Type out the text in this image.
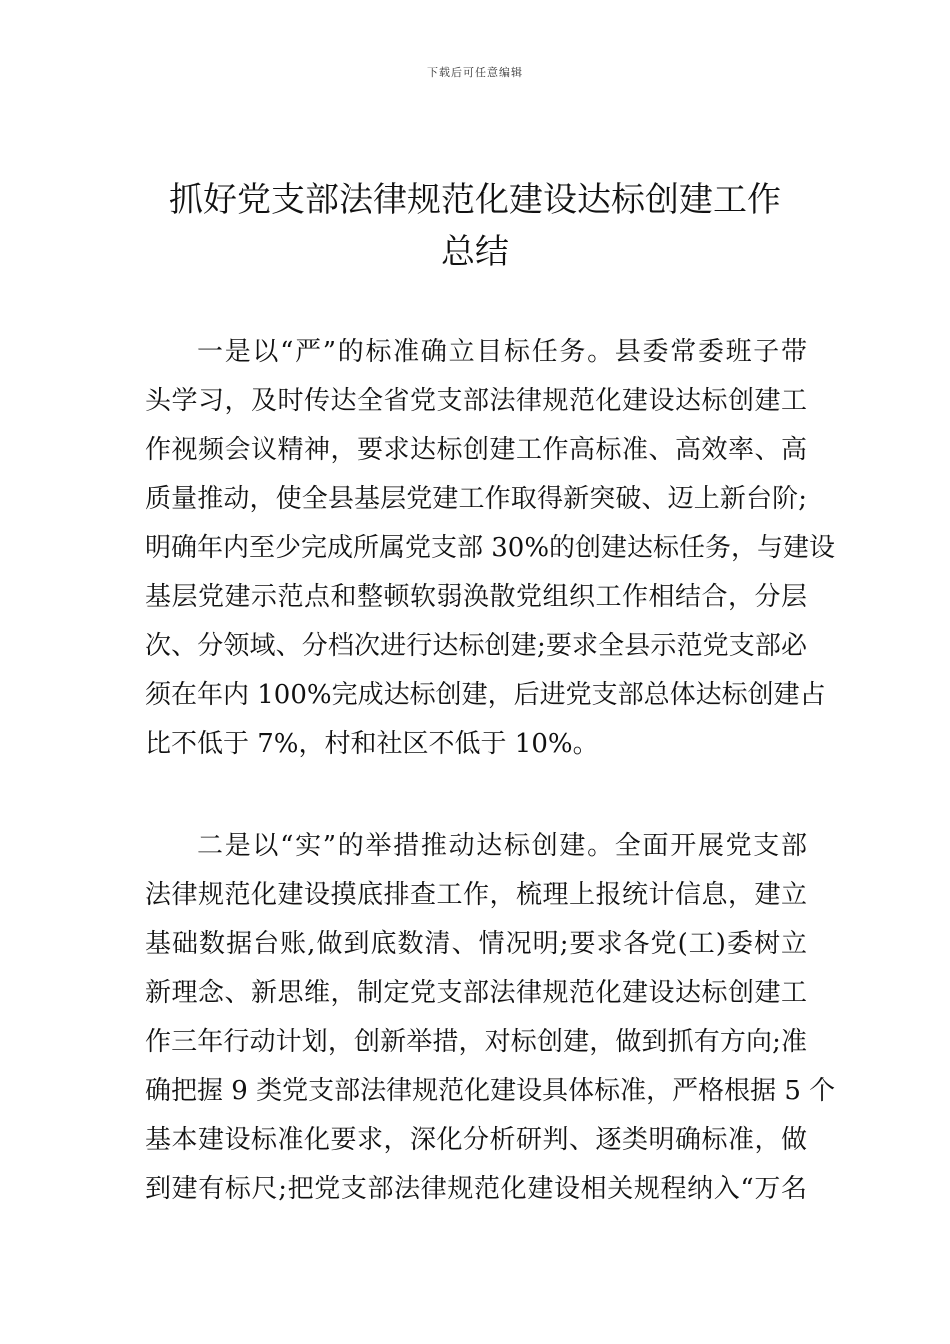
下载后可任意编辑
抓好党支部法律规范化建设达标创建工作
总结
一是以“严”的标准确立目标任务。县委常委班子带
头学习，及时传达全省党支部法律规范化建设达标创建工
作视频会议精神，要求达标创建工作高标准、高效率、高
质量推动，使全县基层党建工作取得新突破、迈上新台阶;
明确年内至少完成所属党支部 30%的创建达标任务，与建设
基层党建示范点和整顿软弱涣散党组织工作相结合，分层
次、分领域、分档次进行达标创建;要求全县示范党支部必
须在年内 100%完成达标创建，后进党支部总体达标创建占
比不低于 7%，村和社区不低于 10%。
二是以“实”的举措推动达标创建。全面开展党支部
法律规范化建设摸底排查工作，梳理上报统计信息，建立
基础数据台账,做到底数清、情况明;要求各党(工)委树立
新理念、新思维，制定党支部法律规范化建设达标创建工
作三年行动计划，创新举措，对标创建，做到抓有方向;准
确把握 9 类党支部法律规范化建设具体标准，严格根据 5 个
基本建设标准化要求，深化分析研判、逐类明确标准，做
到建有标尺;把党支部法律规范化建设相关规程纳入“万名
